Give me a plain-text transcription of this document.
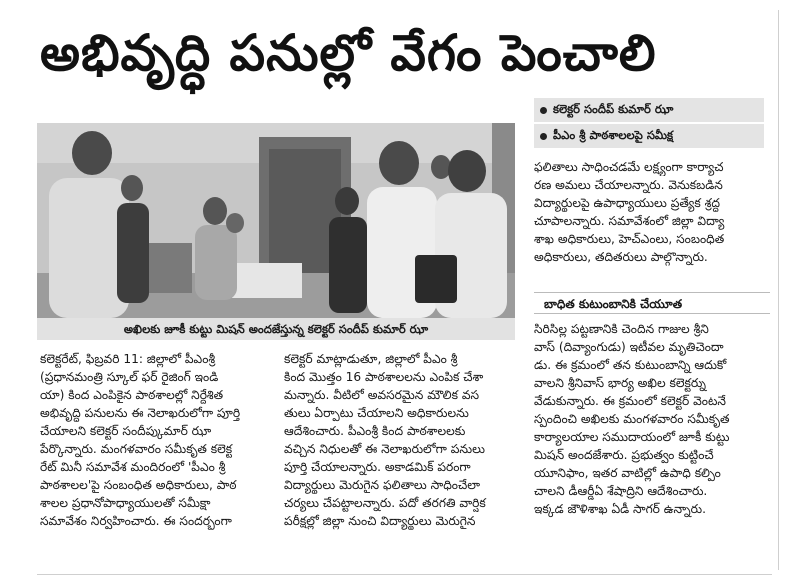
అభివృద్ధి పనుల్లో వేగం పెంచాలి
కలెక్టర్ సందీప్ కుమార్ ఝా
పీఎం శ్రీ పాఠశాలలపై సమీక్ష
అఖిలకు జూకీ కుట్టు మిషన్ అందజేస్తున్న కలెక్టర్ సందీప్ కుమార్ ఝా

కలెక్టరేట్, ఫిబ్రవరి 11: జిల్లాలో పీఎంశ్రీ

(ప్రధానమంత్రి స్కూల్ ఫర్ రైజింగ్ ఇండి

యా) కింద ఎంపికైన పాఠశాలల్లో నిర్దేశిత

అభివృద్ధి పనులను ఈ నెలాఖరులోగా పూర్తి

చేయాలని కలెక్టర్ సందీప్కుమార్ ఝా

పేర్కొన్నారు. మంగళవారం సమీకృత కలెక్ట

రేట్ మినీ సమావేశ మందిరంలో 'పీఎం శ్రీ

పాఠశాలల'పై సంబంధిత అధికారులు, పాఠ

శాలల ప్రధానోపాధ్యాయులతో సమీక్షా

సమావేశం నిర్వహించారు. ఈ సందర్భంగా

కలెక్టర్ మాట్లాడుతూ, జిల్లాలో పీఎం శ్రీ

కింద మొత్తం 16 పాఠశాలలను ఎంపిక చేశా

మన్నారు. వీటిలో అవసరమైన మౌలిక వస

తులు ఏర్పాటు చేయాలని అధికారులను

ఆదేశించారు. పీఎంశ్రీ కింద పాఠశాలలకు

వచ్చిన నిధులతో ఈ నెలాఖరులోగా పనులు

పూర్తి చేయాలన్నారు. అకాడమిక్ పరంగా

విద్యార్థులు మెరుగైన ఫలితాలు సాధించేలా

చర్యలు చేపట్టాలన్నారు. పదో తరగతి వార్షిక

పరీక్షల్లో జిల్లా నుంచి విద్యార్థులు మెరుగైన

ఫలితాలు సాధించడమే లక్ష్యంగా కార్యాచ

రణ అమలు చేయాలన్నారు. వెనుకబడిన

విద్యార్థులపై ఉపాధ్యాయులు ప్రత్యేక శ్రద్ధ

చూపాలన్నారు. సమావేశంలో జిల్లా విద్యా

శాఖ అధికారులు, హెచ్ఎంలు, సంబంధిత

అధికారులు, తదితరులు పాల్గొన్నారు.

బాధిత కుటుంబానికి చేయూత

సిరిసిల్ల పట్టణానికి చెందిన గాజుల శ్రీని

వాస్ (దివ్యాంగుడు) ఇటీవల మృతిచెందా

డు. ఈ క్రమంలో తన కుటుంబాన్ని ఆదుకో

వాలని శ్రీనివాస్ భార్య అఖిల కలెక్టర్ను

వేడుకున్నారు. ఈ క్రమంలో కలెక్టర్ వెంటనే

స్పందించి అఖిలకు మంగళవారం సమీకృత

కార్యాలయాల సముదాయంలో జూకీ కుట్టు

మిషన్ అందజేశారు. ప్రభుత్వం కుట్టించే

యూనిఫాం, ఇతర వాటిల్లో ఉపాధి కల్పిం

చాలని డీఆర్డీఏ శేషాద్రిని ఆదేశించారు.

ఇక్కడ జౌళిశాఖ ఏడీ సాగర్ ఉన్నారు.
